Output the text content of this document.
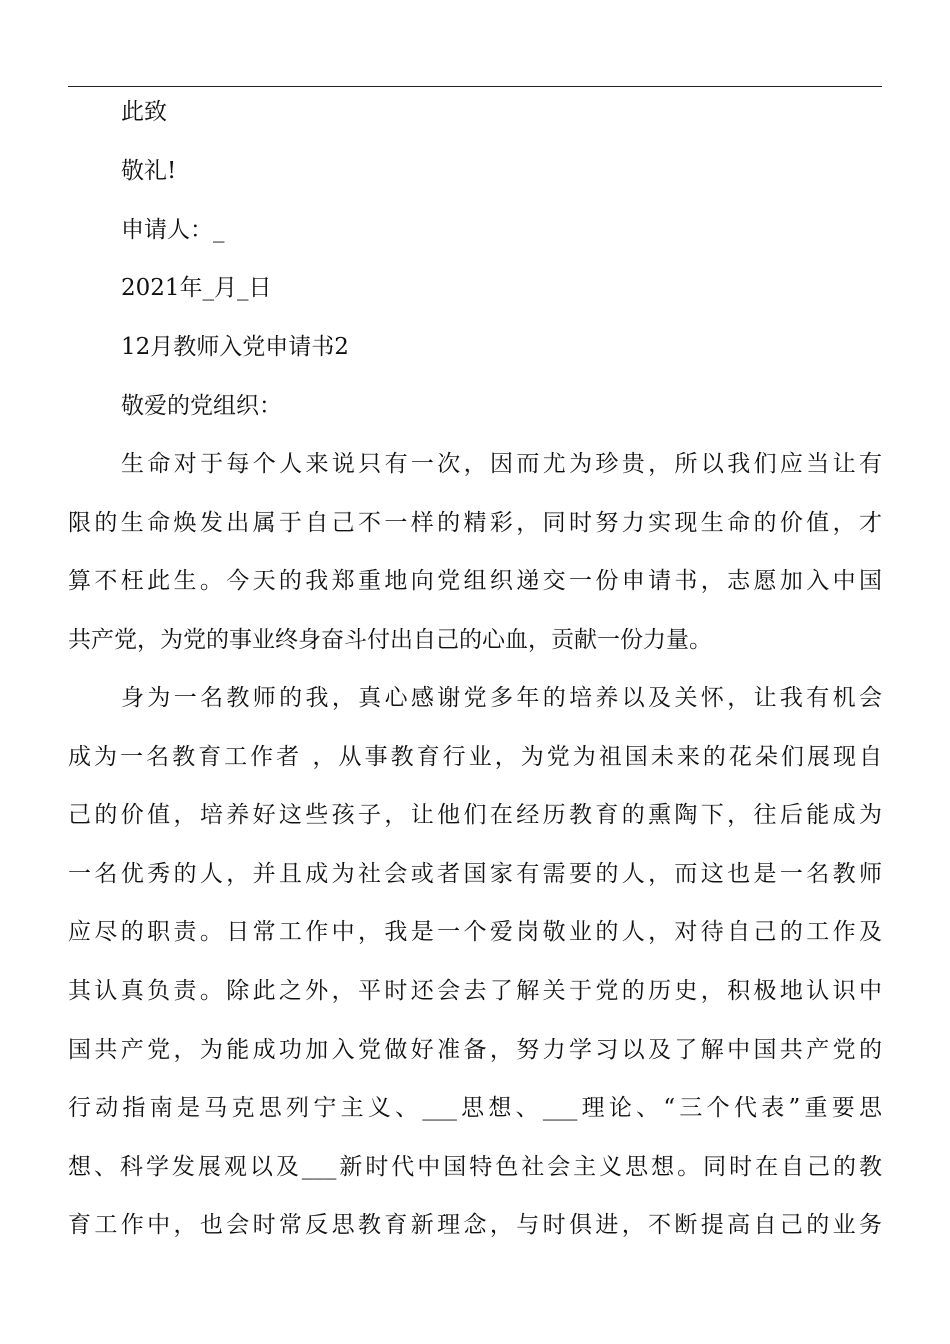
此致
敬礼!
申请人：_
2021年_月_日
12月教师入党申请书2
敬爱的党组织：
生命对于每个人来说只有一次，因而尤为珍贵，所以我们应当让有
限的生命焕发出属于自己不一样的精彩，同时努力实现生命的价值，才
算不枉此生。今天的我郑重地向党组织递交一份申请书，志愿加入中国
共产党，为党的事业终身奋斗付出自己的心血，贡献一份力量。
身为一名教师的我，真心感谢党多年的培养以及关怀，让我有机会
成为一名教育工作者 ，从事教育行业，为党为祖国未来的花朵们展现自
己的价值，培养好这些孩子，让他们在经历教育的熏陶下，往后能成为
一名优秀的人，并且成为社会或者国家有需要的人，而这也是一名教师
应尽的职责。日常工作中，我是一个爱岗敬业的人，对待自己的工作及
其认真负责。除此之外，平时还会去了解关于党的历史，积极地认识中
国共产党，为能成功加入党做好准备，努力学习以及了解中国共产党的
行动指南是马克思列宁主义、___思想、___理论、“三个代表”重要思
想、科学发展观以及___新时代中国特色社会主义思想。同时在自己的教
育工作中，也会时常反思教育新理念，与时俱进，不断提高自己的业务
